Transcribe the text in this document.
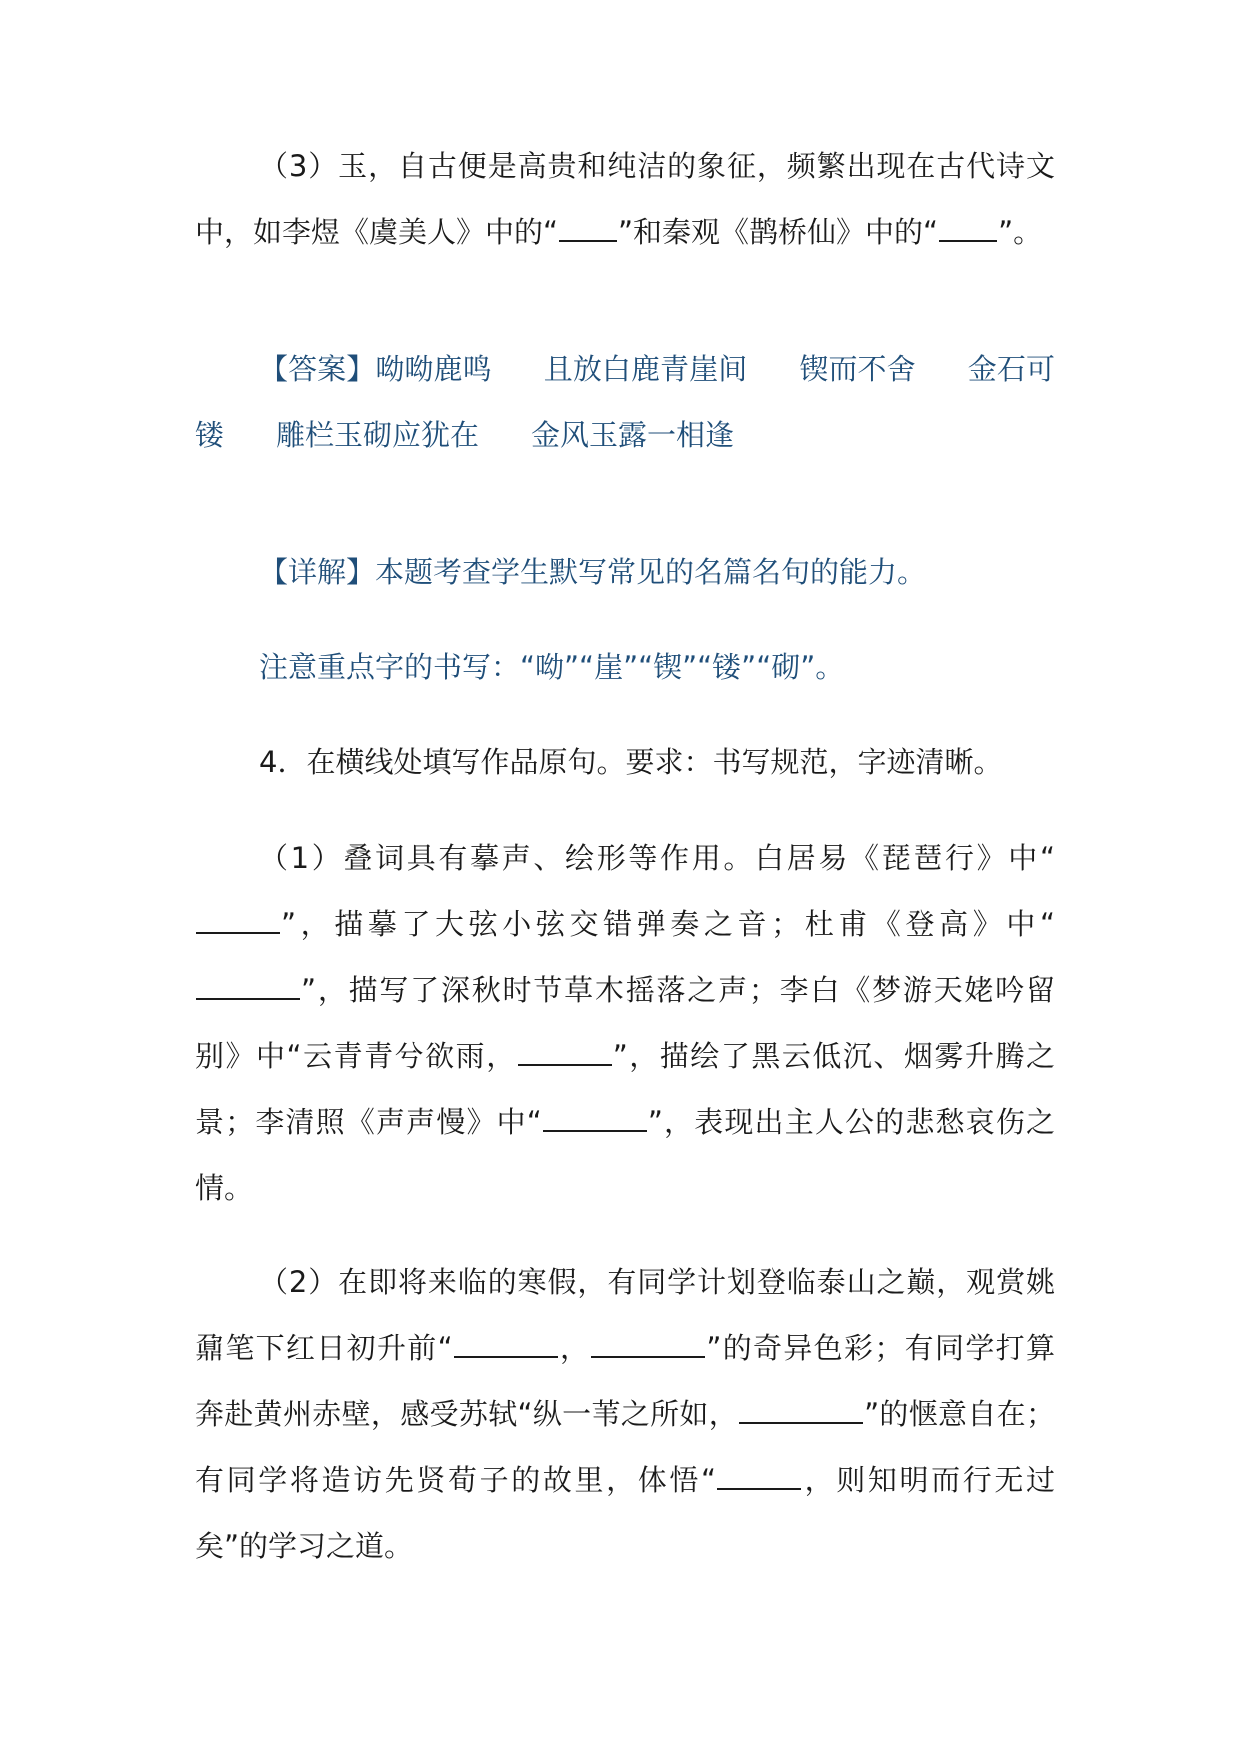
（3）玉，自古便是高贵和纯洁的象征，频繁出现在古代诗文中，如李煜《虞美人》中的“ ”和秦观《鹊桥仙》中的“ ”。

【答案】呦呦鹿鸣 且放白鹿青崖间 锲而不舍 金石可镂 雕栏玉砌应犹在 金风玉露一相逢

【详解】本题考查学生默写常见的名篇名句的能力。

注意重点字的书写：“呦”“崖”“锲”“镂”“砌”。

4．在横线处填写作品原句。要求：书写规范，字迹清晰。

（1）叠词具有摹声、绘形等作用。白居易《琵琶行》中“”，描摹了大弦小弦交错弹奏之音；杜甫《登高》中“”，描写了深秋时节草木摇落之声；李白《梦游天姥吟留别》中“云青青兮欲雨，	”，描绘了黑云低沉、烟雾升腾之景；李清照《声声慢》中“	”，表现出主人公的悲愁哀伤之情。

（2）在即将来临的寒假，有同学计划登临泰山之巅，观赏姚鼐笔下红日初升前“	，	”的奇异色彩；有同学打算奔赴黄州赤壁，感受苏轼“纵一苇之所如，	”的惬意自在；有同学将造访先贤荀子的故里，体悟“	，则知明而行无过矣”的学习之道。
